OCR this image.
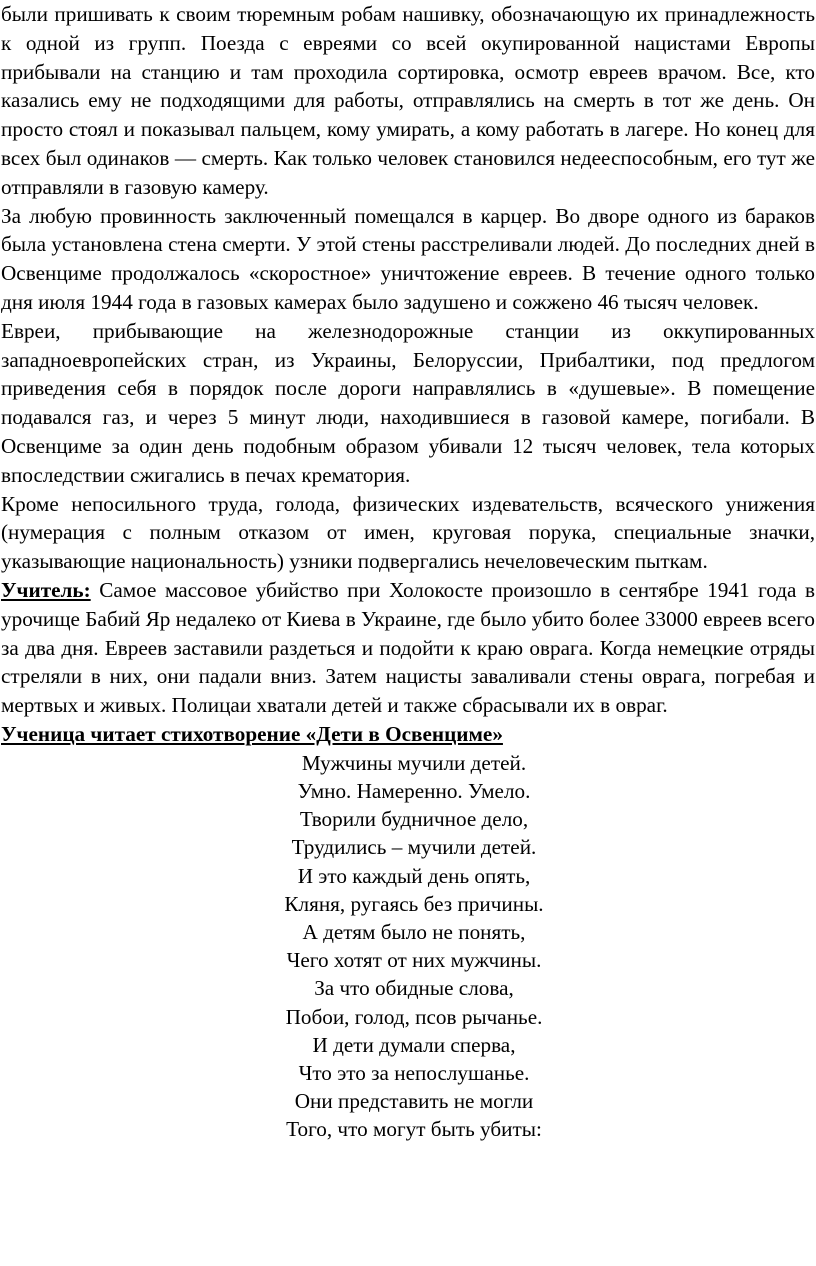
были пришивать к своим тюремным робам нашивку, обозначающую их принадлежность к одной из групп. Поезда с евреями со всей окупированной нацистами Европы прибывали на станцию и там проходила сортировка, осмотр евреев врачом. Все, кто казались ему не подходящими для работы, отправлялись на смерть в тот же день. Он просто стоял и показывал пальцем, кому умирать, а кому работать в лагере. Но конец для всех был одинаков — смерть. Как только человек становился недееспособным, его тут же отправляли в газовую камеру.

За любую провинность заключенный помещался в карцер. Во дворе одного из бараков была установлена стена смерти. У этой стены расстреливали людей. До последних дней в Освенциме продолжалось «скоростное» уничтожение евреев. В течение одного только дня июля 1944 года в газовых камерах было задушено и сожжено 46 тысяч человек.

Евреи, прибывающие на железнодорожные станции из оккупированных западноевропейских стран, из Украины, Белоруссии, Прибалтики, под предлогом приведения себя в порядок после дороги направлялись в «душевые». В помещение подавался газ, и через 5 минут люди, находившиеся в газовой камере, погибали. В Освенциме за один день подобным образом убивали 12 тысяч человек, тела которых впоследствии сжигались в печах крематория.

Кроме непосильного труда, голода, физических издевательств, всяческого унижения (нумерация с полным отказом от имен, круговая порука, специальные значки, указывающие национальность) узники подвергались нечеловеческим пыткам.

Учитель: Самое массовое убийство при Холокосте произошло в сентябре 1941 года в урочище Бабий Яр недалеко от Киева в Украине, где было убито более 33000 евреев всего за два дня. Евреев заставили раздеться и подойти к краю оврага. Когда немецкие отряды стреляли в них, они падали вниз. Затем нацисты заваливали стены оврага, погребая и мертвых и живых. Полицаи хватали детей и также сбрасывали их в овраг.

Ученица читает стихотворение «Дети в Освенциме»

Мужчины мучили детей.
Умно. Намеренно. Умело.
Творили будничное дело,
Трудились – мучили детей.
И это каждый день опять,
Кляня, ругаясь без причины.
А детям было не понять,
Чего хотят от них мужчины.
За что обидные слова,
Побои, голод, псов рычанье.
И дети думали сперва,
Что это за непослушанье.
Они представить не могли
Того, что могут быть убиты:
